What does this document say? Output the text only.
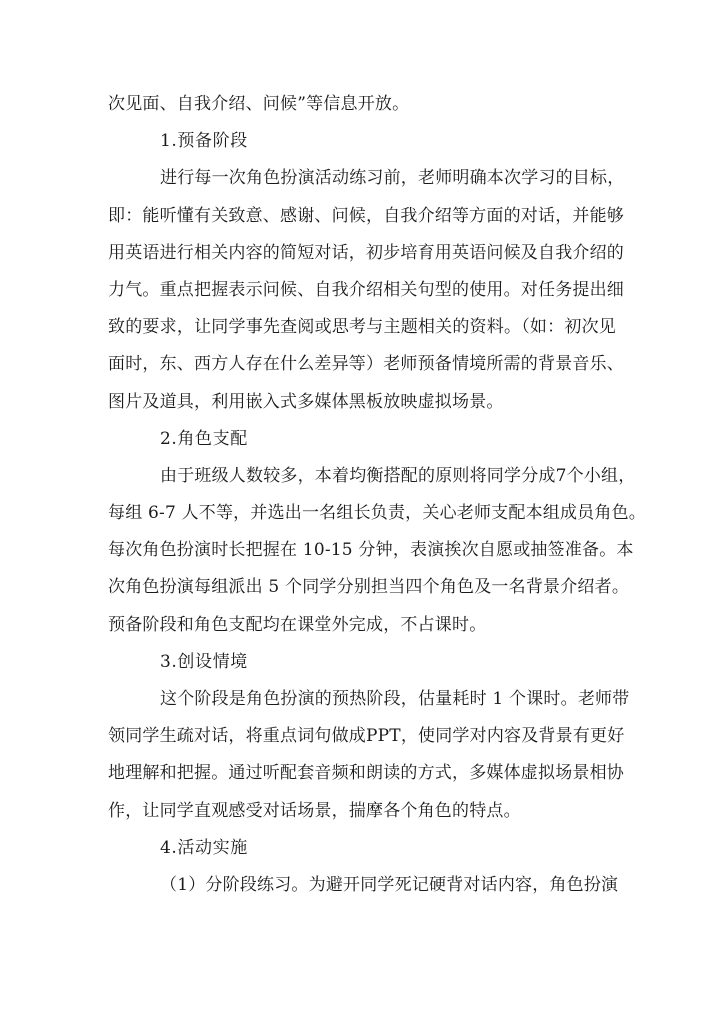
次见面、自我介绍、问候”等信息开放。
1.预备阶段
进行每一次角色扮演活动练习前，老师明确本次学习的目标，
即：能听懂有关致意、感谢、问候，自我介绍等方面的对话，并能够
用英语进行相关内容的简短对话，初步培育用英语问候及自我介绍的
力气。重点把握表示问候、自我介绍相关句型的使用。对任务提出细
致的要求，让同学事先查阅或思考与主题相关的资料。（如：初次见
面时，东、西方人存在什么差异等）老师预备情境所需的背景音乐、
图片及道具，利用嵌入式多媒体黑板放映虚拟场景。
2.角色支配
由于班级人数较多，本着均衡搭配的原则将同学分成7个小组，
每组 6-7 人不等，并选出一名组长负责，关心老师支配本组成员角色。
每次角色扮演时长把握在 10-15 分钟，表演挨次自愿或抽签准备。本
次角色扮演每组派出 5 个同学分别担当四个角色及一名背景介绍者。
预备阶段和角色支配均在课堂外完成，不占课时。
3.创设情境
这个阶段是角色扮演的预热阶段，估量耗时 1 个课时。老师带
领同学生疏对话，将重点词句做成PPT，使同学对内容及背景有更好
地理解和把握。通过听配套音频和朗读的方式，多媒体虚拟场景相协
作，让同学直观感受对话场景，揣摩各个角色的特点。
4.活动实施
（1）分阶段练习。为避开同学死记硬背对话内容，角色扮演
